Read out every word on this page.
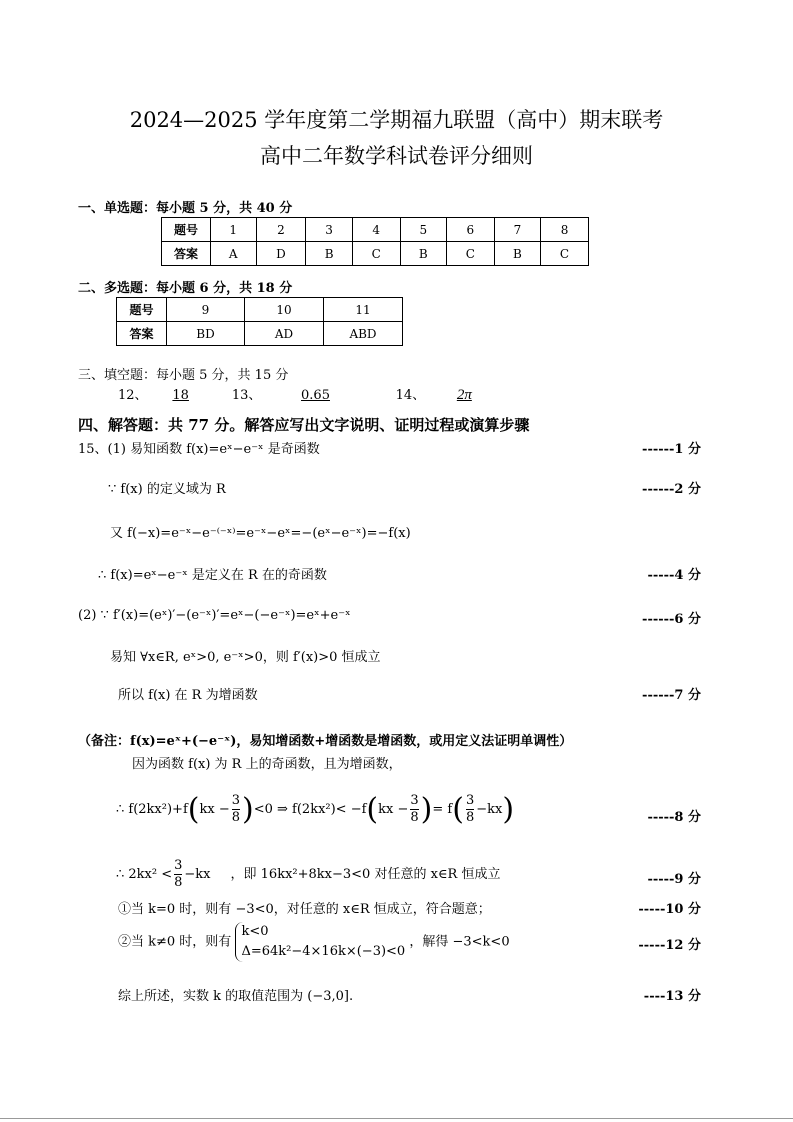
2024—2025 学年度第二学期福九联盟（高中）期末联考
高中二年数学科试卷评分细则
一、单选题：每小题 5 分，共 40 分
题号	1	2	3	4	5	6	7	8
答案	A	D	B	C	B	C	B	C
二、多选题：每小题 6 分，共 18 分
题号	9	10	11
答案	BD	AD	ABD
三、填空题：每小题 5 分，共 15 分
12、 18	13、	0.65	14、 2π
四、解答题：共 77 分。解答应写出文字说明、证明过程或演算步骤
15、(1) 易知函数 f(x)=eˣ−e⁻ˣ 是奇函数	------1 分
∵ f(x) 的定义域为 R	------2 分
又 f(−x)=e⁻ˣ−e⁻⁽⁻ˣ⁾=e⁻ˣ−eˣ=−(eˣ−e⁻ˣ)=−f(x)
∴ f(x)=eˣ−e⁻ˣ 是定义在 R 在的奇函数	-----4 分
(2) ∵ f′(x)=(eˣ)′−(e⁻ˣ)′=eˣ−(−e⁻ˣ)=eˣ+e⁻ˣ	------6 分
易知 ∀x∈R, eˣ>0, e⁻ˣ>0，则 f′(x)>0 恒成立
所以 f(x) 在 R 为增函数	------7 分
（备注：f(x)=eˣ+(−e⁻ˣ)，易知增函数+增函数是增函数，或用定义法证明单调性）
因为函数 f(x) 为 R 上的奇函数，且为增函数，
∴ $f(2kx^2)+f(kx - \frac{3}{8} )<0$ ⇒ $f(2kx^2)< -f(kx - \frac{3}{8}$ )= $f( \frac{3}{8} -kx)$	-----8 分
∴ $2kx^2 < \frac{3}{8} -kx$ ，即 16kx²+8kx−3<0 对任意的 x∈R 恒成立	-----9 分
①当 k=0 时，则有 −3<0，对任意的 x∈R 恒成立，符合题意；	-----10 分
②当 k≠0 时，则有
k<0
Δ=64k²−4×16k×(−3)<0
，解得 −3<k<0	-----12 分
综上所述，实数 k 的取值范围为 (−3,0].	----13 分
